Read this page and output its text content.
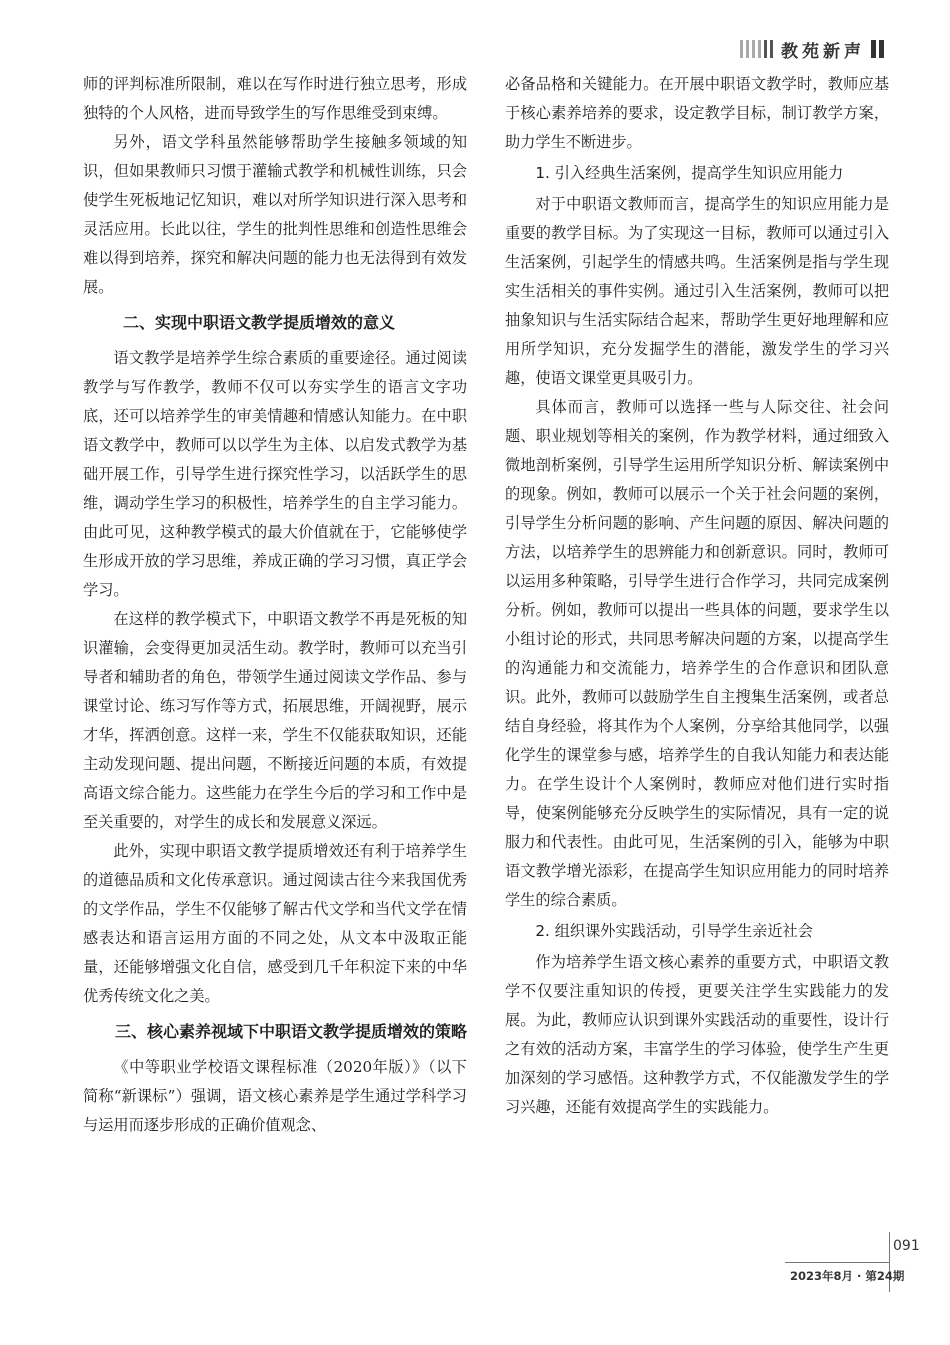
教苑新声

师的评判标准所限制，难以在写作时进行独立思考，形成独特的个人风格，进而导致学生的写作思维受到束缚。

另外，语文学科虽然能够帮助学生接触多领域的知识，但如果教师只习惯于灌输式教学和机械性训练，只会使学生死板地记忆知识，难以对所学知识进行深入思考和灵活应用。长此以往，学生的批判性思维和创造性思维会难以得到培养，探究和解决问题的能力也无法得到有效发展。

二、实现中职语文教学提质增效的意义

语文教学是培养学生综合素质的重要途径。通过阅读教学与写作教学，教师不仅可以夯实学生的语言文字功底，还可以培养学生的审美情趣和情感认知能力。在中职语文教学中，教师可以以学生为主体、以启发式教学为基础开展工作，引导学生进行探究性学习，以活跃学生的思维，调动学生学习的积极性，培养学生的自主学习能力。由此可见，这种教学模式的最大价值就在于，它能够使学生形成开放的学习思维，养成正确的学习习惯，真正学会学习。

在这样的教学模式下，中职语文教学不再是死板的知识灌输，会变得更加灵活生动。教学时，教师可以充当引导者和辅助者的角色，带领学生通过阅读文学作品、参与课堂讨论、练习写作等方式，拓展思维，开阔视野，展示才华，挥洒创意。这样一来，学生不仅能获取知识，还能主动发现问题、提出问题，不断接近问题的本质，有效提高语文综合能力。这些能力在学生今后的学习和工作中是至关重要的，对学生的成长和发展意义深远。

此外，实现中职语文教学提质增效还有利于培养学生的道德品质和文化传承意识。通过阅读古往今来我国优秀的文学作品，学生不仅能够了解古代文学和当代文学在情感表达和语言运用方面的不同之处，从文本中汲取正能量，还能够增强文化自信，感受到几千年积淀下来的中华优秀传统文化之美。

三、核心素养视域下中职语文教学提质增效的策略

《中等职业学校语文课程标准（2020年版）》（以下简称“新课标”）强调，语文核心素养是学生通过学科学习与运用而逐步形成的正确价值观念、

必备品格和关键能力。在开展中职语文教学时，教师应基于核心素养培养的要求，设定教学目标，制订教学方案，助力学生不断进步。

1. 引入经典生活案例，提高学生知识应用能力

对于中职语文教师而言，提高学生的知识应用能力是重要的教学目标。为了实现这一目标，教师可以通过引入生活案例，引起学生的情感共鸣。生活案例是指与学生现实生活相关的事件实例。通过引入生活案例，教师可以把抽象知识与生活实际结合起来，帮助学生更好地理解和应用所学知识，充分发掘学生的潜能，激发学生的学习兴趣，使语文课堂更具吸引力。

具体而言，教师可以选择一些与人际交往、社会问题、职业规划等相关的案例，作为教学材料，通过细致入微地剖析案例，引导学生运用所学知识分析、解读案例中的现象。例如，教师可以展示一个关于社会问题的案例，引导学生分析问题的影响、产生问题的原因、解决问题的方法，以培养学生的思辨能力和创新意识。同时，教师可以运用多种策略，引导学生进行合作学习，共同完成案例分析。例如，教师可以提出一些具体的问题，要求学生以小组讨论的形式，共同思考解决问题的方案，以提高学生的沟通能力和交流能力，培养学生的合作意识和团队意识。此外，教师可以鼓励学生自主搜集生活案例，或者总结自身经验，将其作为个人案例，分享给其他同学，以强化学生的课堂参与感，培养学生的自我认知能力和表达能力。在学生设计个人案例时，教师应对他们进行实时指导，使案例能够充分反映学生的实际情况，具有一定的说服力和代表性。由此可见，生活案例的引入，能够为中职语文教学增光添彩，在提高学生知识应用能力的同时培养学生的综合素质。

2. 组织课外实践活动，引导学生亲近社会

作为培养学生语文核心素养的重要方式，中职语文教学不仅要注重知识的传授，更要关注学生实践能力的发展。为此，教师应认识到课外实践活动的重要性，设计行之有效的活动方案，丰富学生的学习体验，使学生产生更加深刻的学习感悟。这种教学方式，不仅能激发学生的学习兴趣，还能有效提高学生的实践能力。

091
2023年8月 · 第24期
